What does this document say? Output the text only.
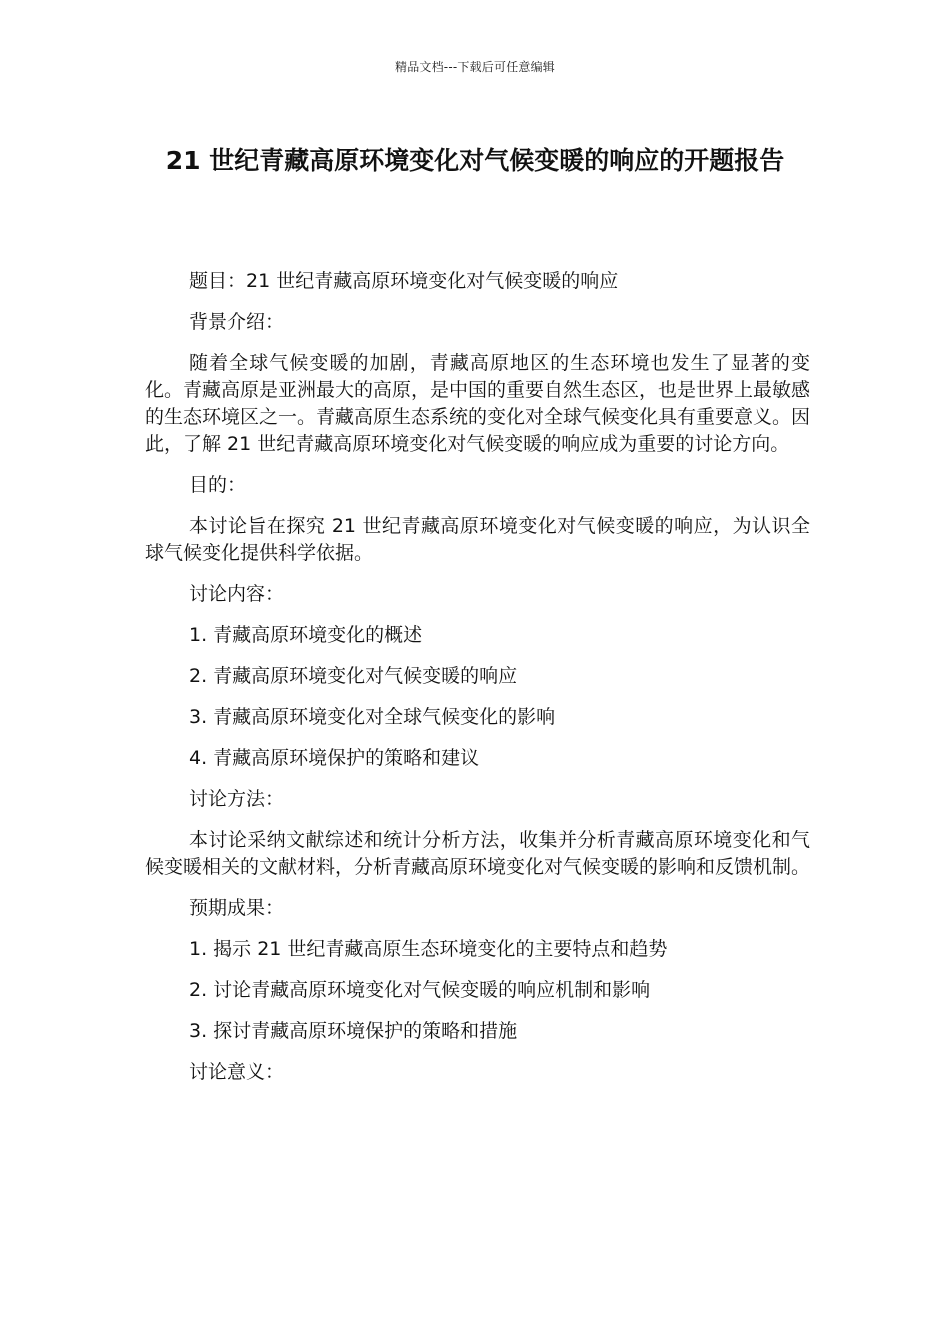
精品文档---下载后可任意编辑
21 世纪青藏高原环境变化对气候变暖的响应的开题报告

题目：21 世纪青藏高原环境变化对气候变暖的响应

背景介绍：

随着全球气候变暖的加剧，青藏高原地区的生态环境也发生了显著的变化。青藏高原是亚洲最大的高原，是中国的重要自然生态区，也是世界上最敏感的生态环境区之一。青藏高原生态系统的变化对全球气候变化具有重要意义。因此，了解 21 世纪青藏高原环境变化对气候变暖的响应成为重要的讨论方向。

目的：

本讨论旨在探究 21 世纪青藏高原环境变化对气候变暖的响应，为认识全球气候变化提供科学依据。

讨论内容：

1. 青藏高原环境变化的概述

2. 青藏高原环境变化对气候变暖的响应

3. 青藏高原环境变化对全球气候变化的影响

4. 青藏高原环境保护的策略和建议

讨论方法：

本讨论采纳文献综述和统计分析方法，收集并分析青藏高原环境变化和气候变暖相关的文献材料，分析青藏高原环境变化对气候变暖的影响和反馈机制。

预期成果：

1. 揭示 21 世纪青藏高原生态环境变化的主要特点和趋势

2. 讨论青藏高原环境变化对气候变暖的响应机制和影响

3. 探讨青藏高原环境保护的策略和措施

讨论意义：
